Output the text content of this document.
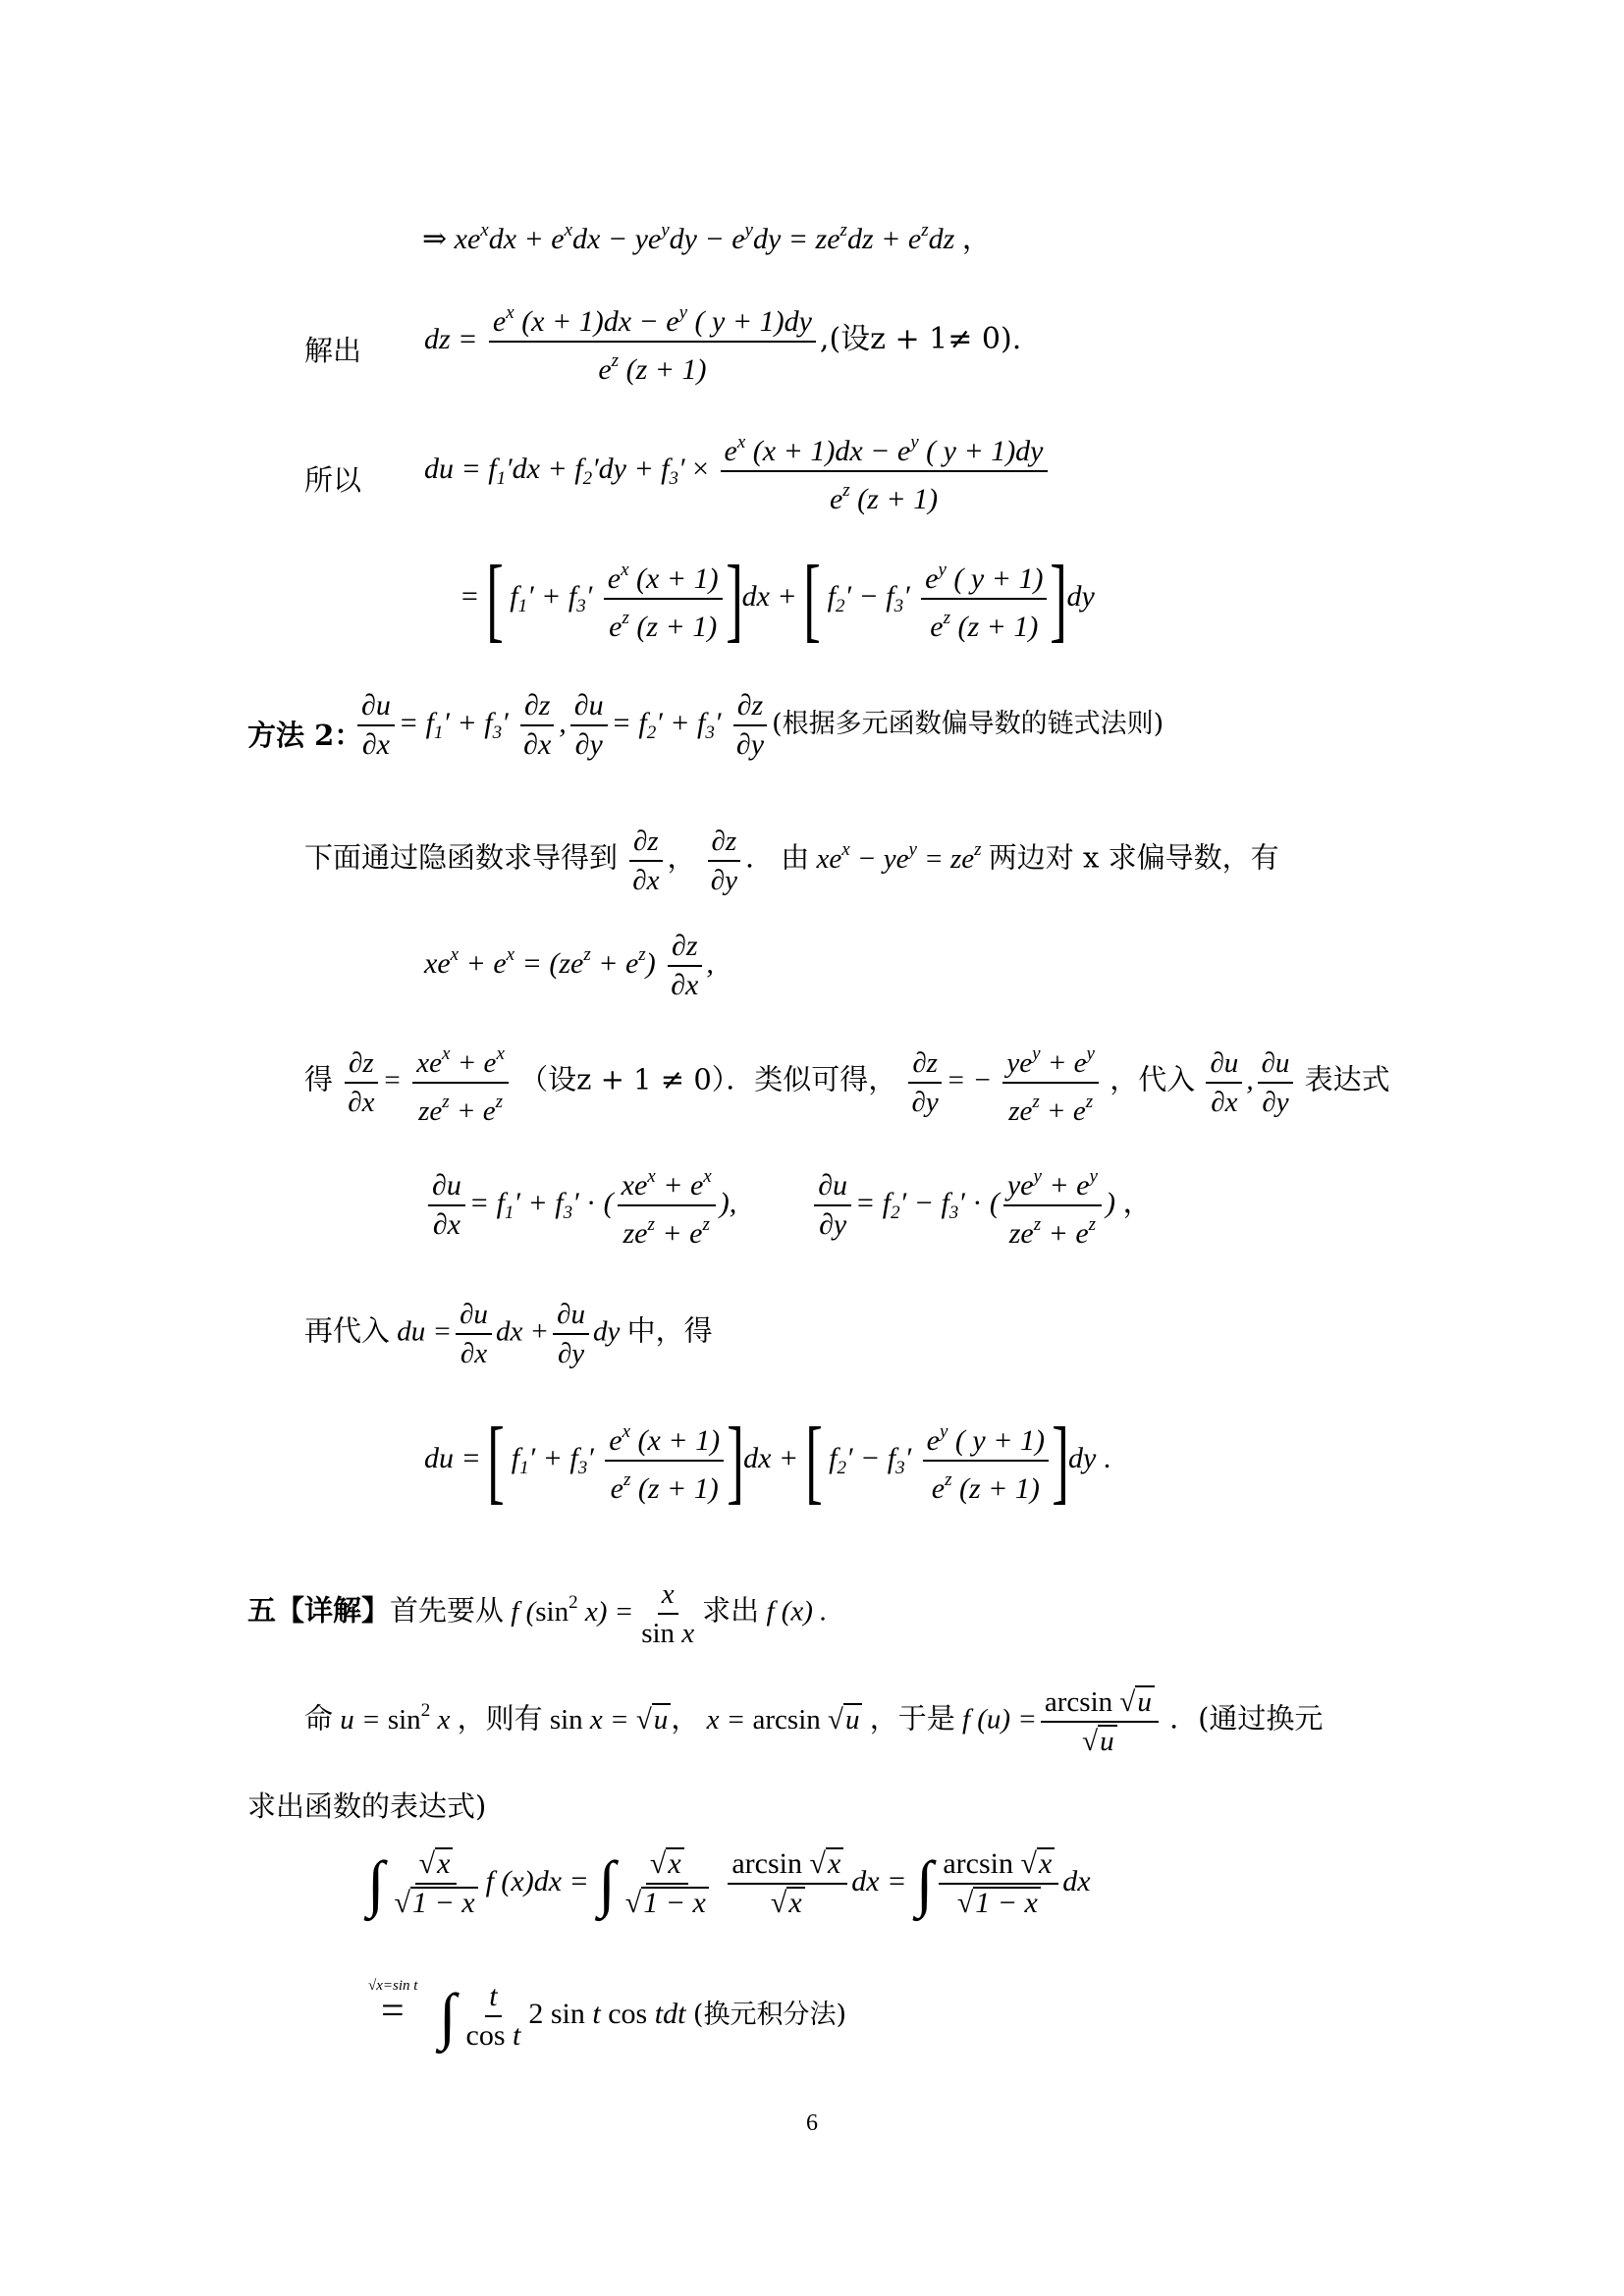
⇒ $xe^xdx + e^xdx - ye^ydy - e^ydy = ze^zdz + e^zdz$ ，
解出 dz = $\frac{e^x (x + 1)dx - e^y ( y + 1)dy}{e^z (z + 1)}$ ,(设z + 1≠ 0).
所以 du = $f_1'dx + f_2'dy + f_3' \times \frac{e^x (x + 1)dx - e^y ( y + 1)dy}{e^z (z + 1)}$
= [ $f_1' + f_3' \frac{e^x (x + 1)}{e^z (z + 1)} ]dx$ + [ $f_2' - f_3' \frac{e^y ( y + 1)}{e^z (z + 1)} ]dy$
方法 2：
$\frac{\partial u}{\partial x} = f_1' + f_3' \frac{\partial z}{\partial x}$ , $\frac{\partial u}{\partial y} = f_2' + f_3' \frac{\partial z}{\partial y}$ (根据多元函数偏导数的链式法则)
下面通过隐函数求导得到 $\frac{\partial z}{\partial x}$ ， $\frac{\partial z}{\partial y}$ ． 由 $xe^x - ye^y = ze^z$ 两边对 x 求偏导数，有
$xe^x + e^x = (ze^z + e^z) \frac{\partial z}{\partial x}$ ,
得 $\frac{\partial z}{\partial x} = \frac{xe^x + e^x}{ze^z + e^z}$ （设z + 1 ≠ 0）．类似可得， $\frac{\partial z}{\partial y}$ = − $\frac{ye^y + e^y}{ze^z + e^z}$ ，代入 $\frac{\partial u}{\partial x}$ , $\frac{\partial u}{\partial y}$ 表达式
$\frac{\partial u}{\partial x} = f_1' + f_3'$ · ( $\frac{xe^x + e^x}{ze^z + e^z}$ ), $\frac{\partial u}{\partial y} = f_2' - f_3'$ · ( $\frac{ye^y + e^y}{ze^z + e^z}$ ) ，
再代入 du = $\frac{\partial u}{\partial x}$ dx + $\frac{\partial u}{\partial y}$ dy 中，得
du = [ $f_1' + f_3' \frac{e^x (x + 1)}{e^z (z + 1)} ]dx$ + [ $f_2' - f_3' \frac{e^y ( y + 1)}{e^z (z + 1)} ]dy$ .
五【详解】首先要从 f ($\sin^2$ $x) = \frac{x}{\text{sin x}}$ 求出 f (x) .
命 $u = \sin^2 x$ ，则有 sin x = √u ， x = arcsin √u ，于是 f $(u) = \frac{\arcsin √u}{√u}$ ．(通过换元
求出函数的表达式)
∫ $\frac{√x}{√1 - x}$ f (x)dx = ∫ $\frac{√x}{√1 - x}$
$\frac{\arcsin √x}{√x}$ dx = ∫ $\frac{\arcsin √x}{√1 - x}$ dx
√x=sin t
= ∫ $\frac{t}{\text{cos t}} 2$ sin t cos tdt (换元积分法)
6
